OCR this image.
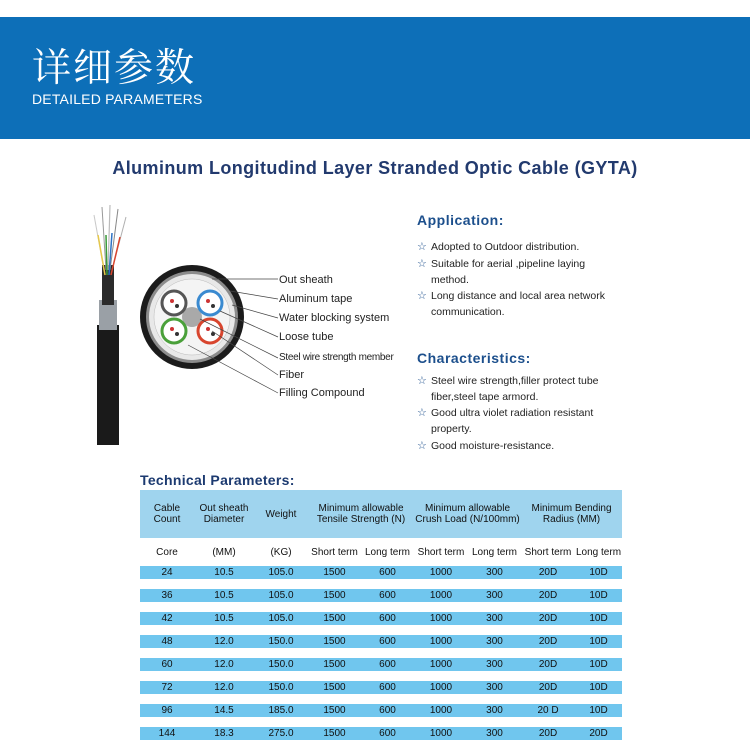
详细参数
DETAILED PARAMETERS
Aluminum Longitudind Layer Stranded Optic Cable (GYTA)
Out sheath
Aluminum tape
Water blocking system
Loose tube
Steel wire strength member
Fiber
Filling Compound
Application:
☆ Adopted to Outdoor distribution.
☆ Suitable for aerial ,pipeline laying method.
☆ Long distance and local area network communication.
Characteristics:
☆ Steel wire strength,filler protect tube fiber,steel tape armord.
☆ Good ultra violet radiation resistant property.
☆ Good moisture-resistance.
Technical Parameters:
Cable Count	Out sheath Diameter	Weight	Minimum allowable Tensile Strength (N)		Minimum allowable Crush Load (N/100mm)		Minimum Bending Radius (MM)	
Core	(MM)	(KG)	Short term	Long term	Short term	Long term	Short term	Long term
24	10.5	105.0	1500	600	1000	300	20D	10D

36	10.5	105.0	1500	600	1000	300	20D	10D

42	10.5	105.0	1500	600	1000	300	20D	10D

48	12.0	150.0	1500	600	1000	300	20D	10D

60	12.0	150.0	1500	600	1000	300	20D	10D

72	12.0	150.0	1500	600	1000	300	20D	10D

96	14.5	185.0	1500	600	1000	300	20 D	10D

144	18.3	275.0	1500	600	1000	300	20D	20D
